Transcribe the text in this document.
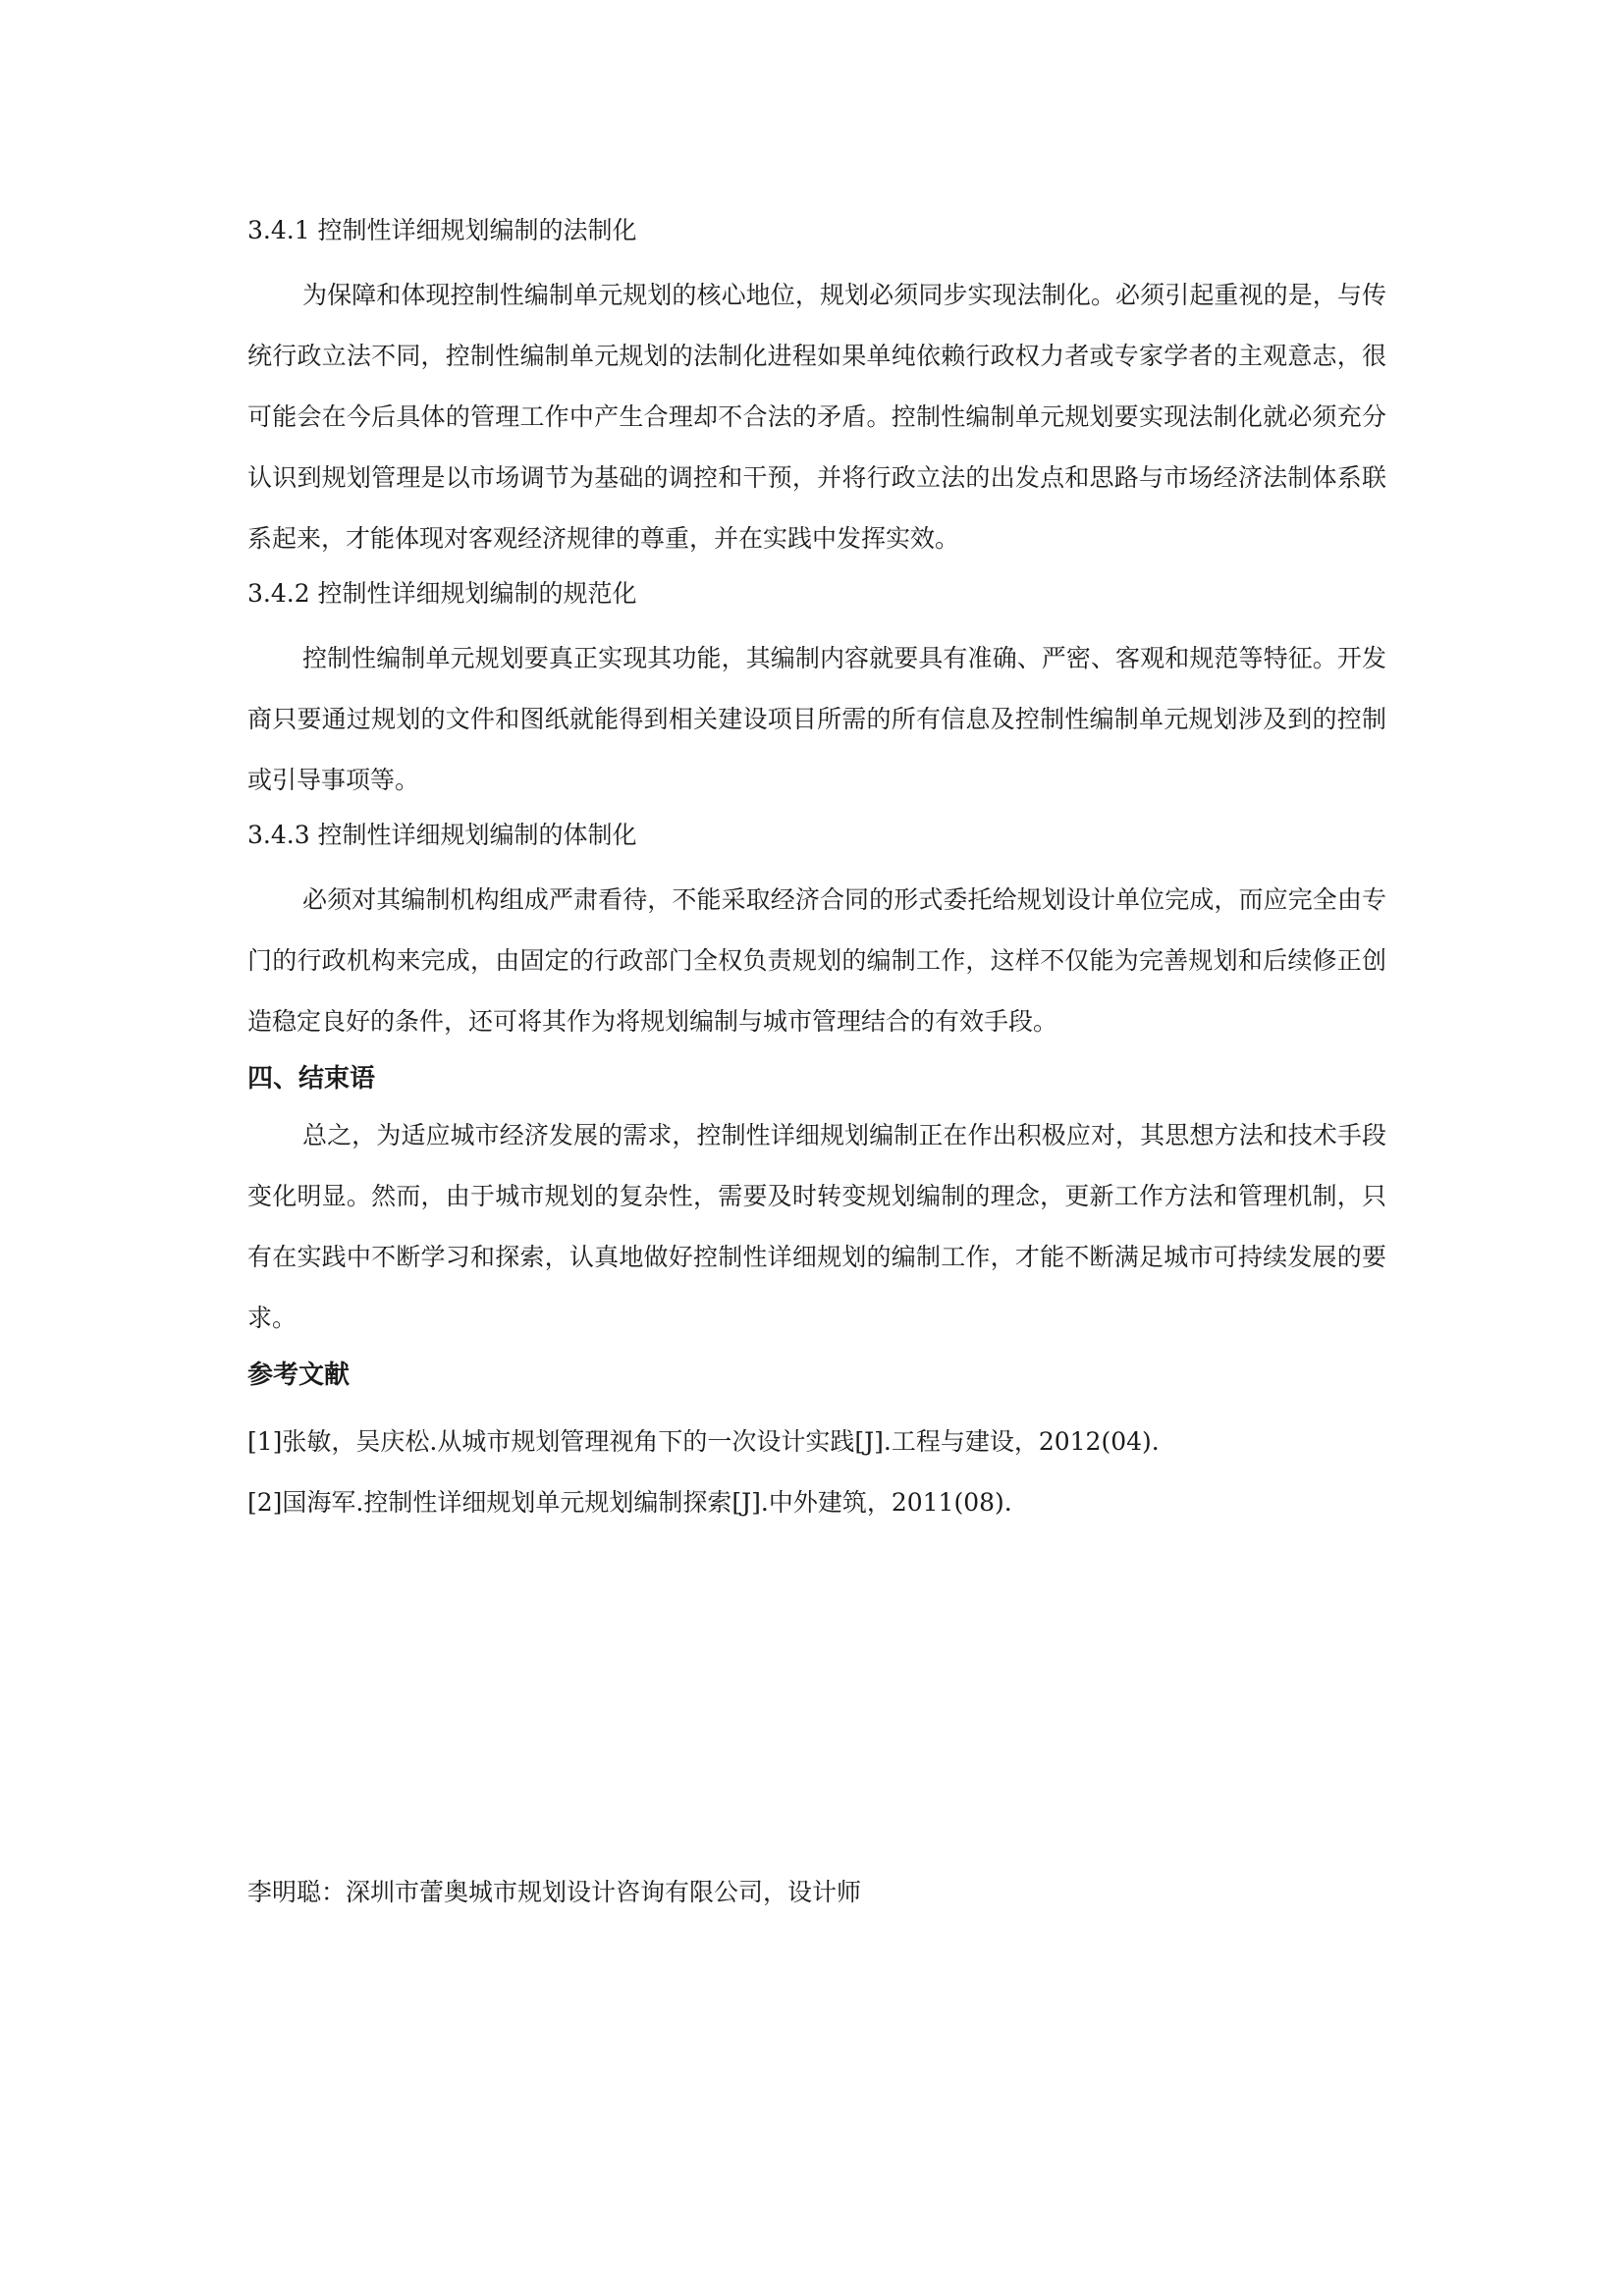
3.4.1 控制性详细规划编制的法制化

为保障和体现控制性编制单元规划的核心地位，规划必须同步实现法制化。必须引起重视的是，与传统行政立法不同，控制性编制单元规划的法制化进程如果单纯依赖行政权力者或专家学者的主观意志，很可能会在今后具体的管理工作中产生合理却不合法的矛盾。控制性编制单元规划要实现法制化就必须充分认识到规划管理是以市场调节为基础的调控和干预，并将行政立法的出发点和思路与市场经济法制体系联系起来，才能体现对客观经济规律的尊重，并在实践中发挥实效。

3.4.2 控制性详细规划编制的规范化

控制性编制单元规划要真正实现其功能，其编制内容就要具有准确、严密、客观和规范等特征。开发商只要通过规划的文件和图纸就能得到相关建设项目所需的所有信息及控制性编制单元规划涉及到的控制或引导事项等。

3.4.3 控制性详细规划编制的体制化

必须对其编制机构组成严肃看待，不能采取经济合同的形式委托给规划设计单位完成，而应完全由专门的行政机构来完成，由固定的行政部门全权负责规划的编制工作，这样不仅能为完善规划和后续修正创造稳定良好的条件，还可将其作为将规划编制与城市管理结合的有效手段。

四、结束语

总之，为适应城市经济发展的需求，控制性详细规划编制正在作出积极应对，其思想方法和技术手段变化明显。然而，由于城市规划的复杂性，需要及时转变规划编制的理念，更新工作方法和管理机制，只有在实践中不断学习和探索，认真地做好控制性详细规划的编制工作，才能不断满足城市可持续发展的要求。

参考文献

[1]张敏，吴庆松.从城市规划管理视角下的一次设计实践[J].工程与建设，2012(04).

[2]国海军.控制性详细规划单元规划编制探索[J].中外建筑，2011(08).

李明聪：深圳市蕾奥城市规划设计咨询有限公司，设计师
